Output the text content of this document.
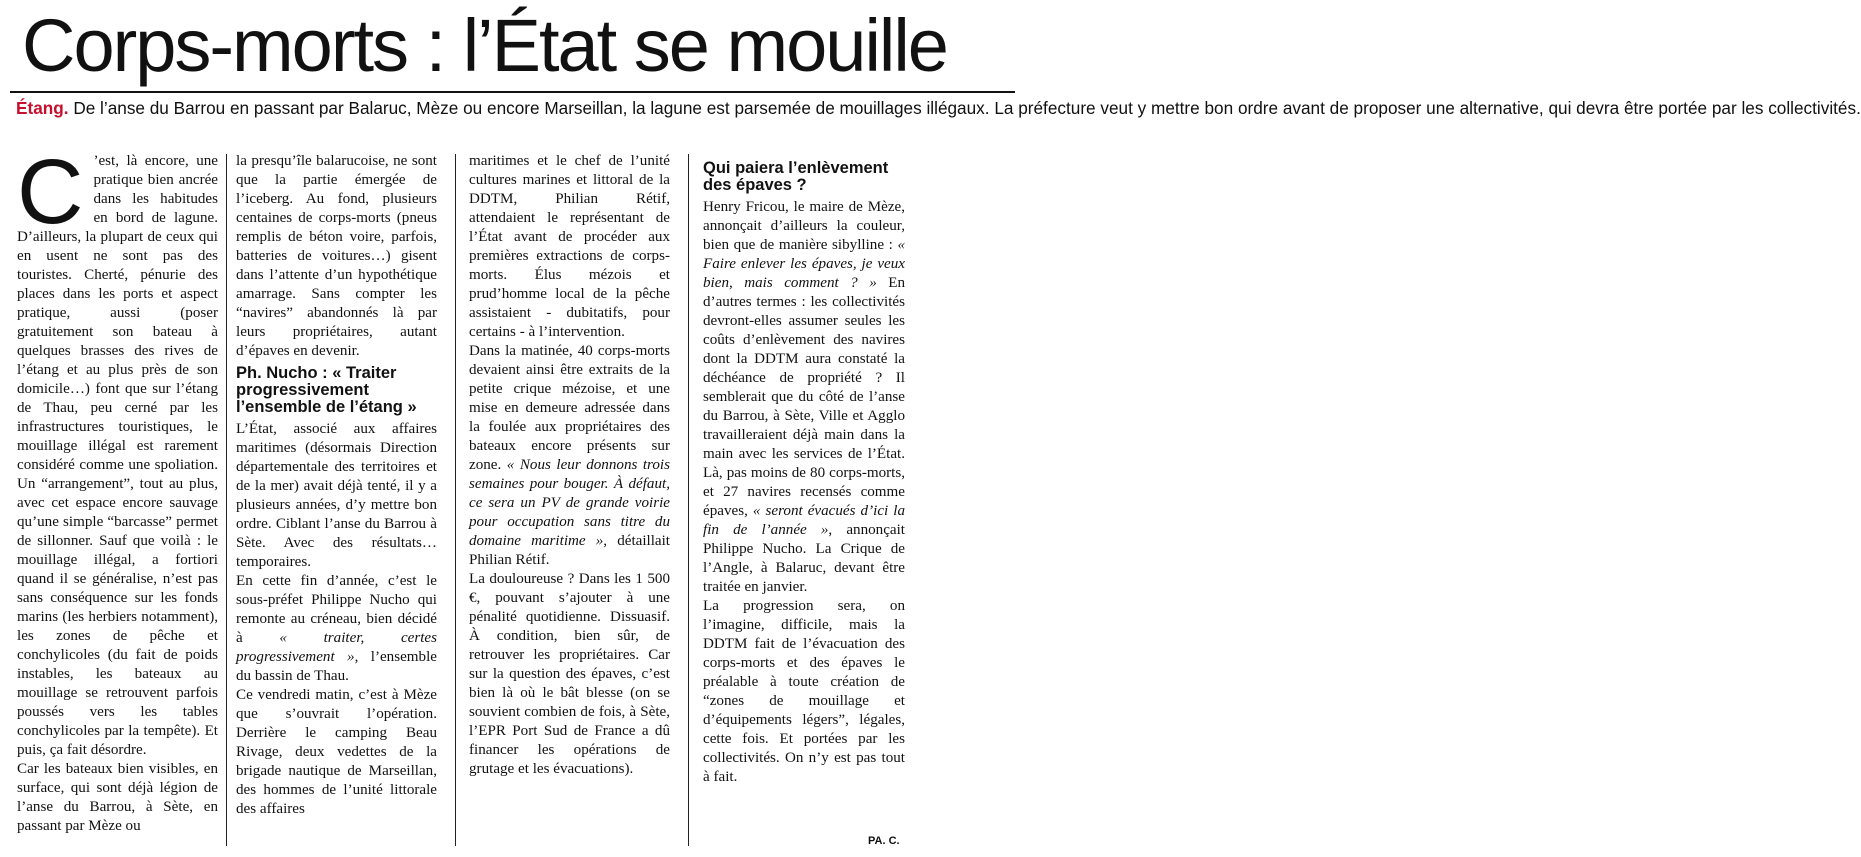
Corps-morts : l’État se mouille

Étang. De l’anse du Barrou en passant par Balaruc, Mèze ou encore Marseillan, la lagune est parsemée de mouillages illégaux. La préfecture veut y mettre bon ordre avant de proposer une alternative, qui devra être portée par les collectivités.

C ’est, là encore, une pratique bien ancrée dans les habitudes en bord de lagune. D’ailleurs, la plupart de ceux qui en usent ne sont pas des touristes. Cherté, pénurie des places dans les ports et aspect pratique, aussi (poser gratuitement son bateau à quelques brasses des rives de l’étang et au plus près de son domicile…) font que sur l’étang de Thau, peu cerné par les infrastructures touristiques, le mouillage illégal est rarement considéré comme une spoliation. Un “arrangement”, tout au plus, avec cet espace encore sauvage qu’une simple “barcasse” permet de sillonner. Sauf que voilà : le mouillage illégal, a fortiori quand il se généralise, n’est pas sans conséquence sur les fonds marins (les herbiers notamment), les zones de pêche et conchylicoles (du fait de poids instables, les bateaux au mouillage se retrouvent parfois poussés vers les tables conchylicoles par la tempête). Et puis, ça fait désordre.

Car les bateaux bien visibles, en surface, qui sont déjà légion de l’anse du Barrou, à Sète, en passant par Mèze ou

la presqu’île balarucoise, ne sont que la partie émergée de l’iceberg. Au fond, plusieurs centaines de corps-morts (pneus remplis de béton voire, parfois, batteries de voitures…) gisent dans l’attente d’un hypothétique amarrage. Sans compter les “navires” abandonnés là par leurs propriétaires, autant d’épaves en devenir.

Ph. Nucho : « Traiter progressivement l’ensemble de l’étang »

L’État, associé aux affaires maritimes (désormais Direction départementale des territoires et de la mer) avait déjà tenté, il y a plusieurs années, d’y mettre bon ordre. Ciblant l’anse du Barrou à Sète. Avec des résultats… temporaires.

En cette fin d’année, c’est le sous-préfet Philippe Nucho qui remonte au créneau, bien décidé à « traiter, certes progressivement », l’ensemble du bassin de Thau.

Ce vendredi matin, c’est à Mèze que s’ouvrait l’opération. Derrière le camping Beau Rivage, deux vedettes de la brigade nautique de Marseillan, des hommes de l’unité littorale des affaires

maritimes et le chef de l’unité cultures marines et littoral de la DDTM, Philian Rétif, attendaient le représentant de l’État avant de procéder aux premières extractions de corps-morts. Élus mézois et prud’homme local de la pêche assistaient - dubitatifs, pour certains - à l’intervention.

Dans la matinée, 40 corps-morts devaient ainsi être extraits de la petite crique mézoise, et une mise en demeure adressée dans la foulée aux propriétaires des bateaux encore présents sur zone. « Nous leur donnons trois semaines pour bouger. À défaut, ce sera un PV de grande voirie pour occupation sans titre du domaine maritime », détaillait Philian Rétif.

La douloureuse ? Dans les 1 500 €, pouvant s’ajouter à une pénalité quotidienne. Dissuasif. À condition, bien sûr, de retrouver les propriétaires. Car sur la question des épaves, c’est bien là où le bât blesse (on se souvient combien de fois, à Sète, l’EPR Port Sud de France a dû financer les opérations de grutage et les évacuations).

Qui paiera l’enlèvement des épaves ?

Henry Fricou, le maire de Mèze, annonçait d’ailleurs la couleur, bien que de manière sibylline : « Faire enlever les épaves, je veux bien, mais comment ? » En d’autres termes : les collectivités devront-elles assumer seules les coûts d’enlèvement des navires dont la DDTM aura constaté la déchéance de propriété ? Il semblerait que du côté de l’anse du Barrou, à Sète, Ville et Agglo travailleraient déjà main dans la main avec les services de l’État. Là, pas moins de 80 corps-morts, et 27 navires recensés comme épaves, « seront évacués d’ici la fin de l’année », annonçait Philippe Nucho. La Crique de l’Angle, à Balaruc, devant être traitée en janvier.

La progression sera, on l’imagine, difficile, mais la DDTM fait de l’évacuation des corps-morts et des épaves le préalable à toute création de “zones de mouillage et d’équipements légers”, légales, cette fois. Et portées par les collectivités. On n’y est pas tout à fait.

PA. C.
